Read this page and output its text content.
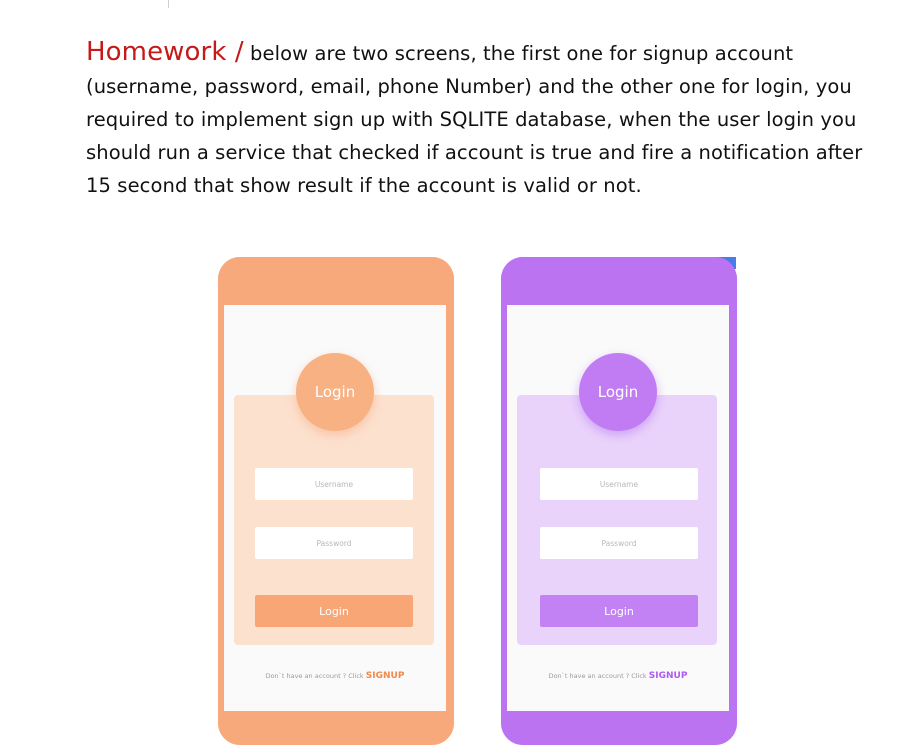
Homework / below are two screens, the first one for signup account (username, password, email, phone Number) and the other one for login, you required to implement sign up with SQLITE database, when the user login you should run a service that checked if account is true and fire a notification after 15 second that show result if the account is valid or not.
Login
Username
Password
Login
Don`t have an account ? Click SIGNUP
Login
Username
Password
Login
Don`t have an account ? Click SIGNUP
